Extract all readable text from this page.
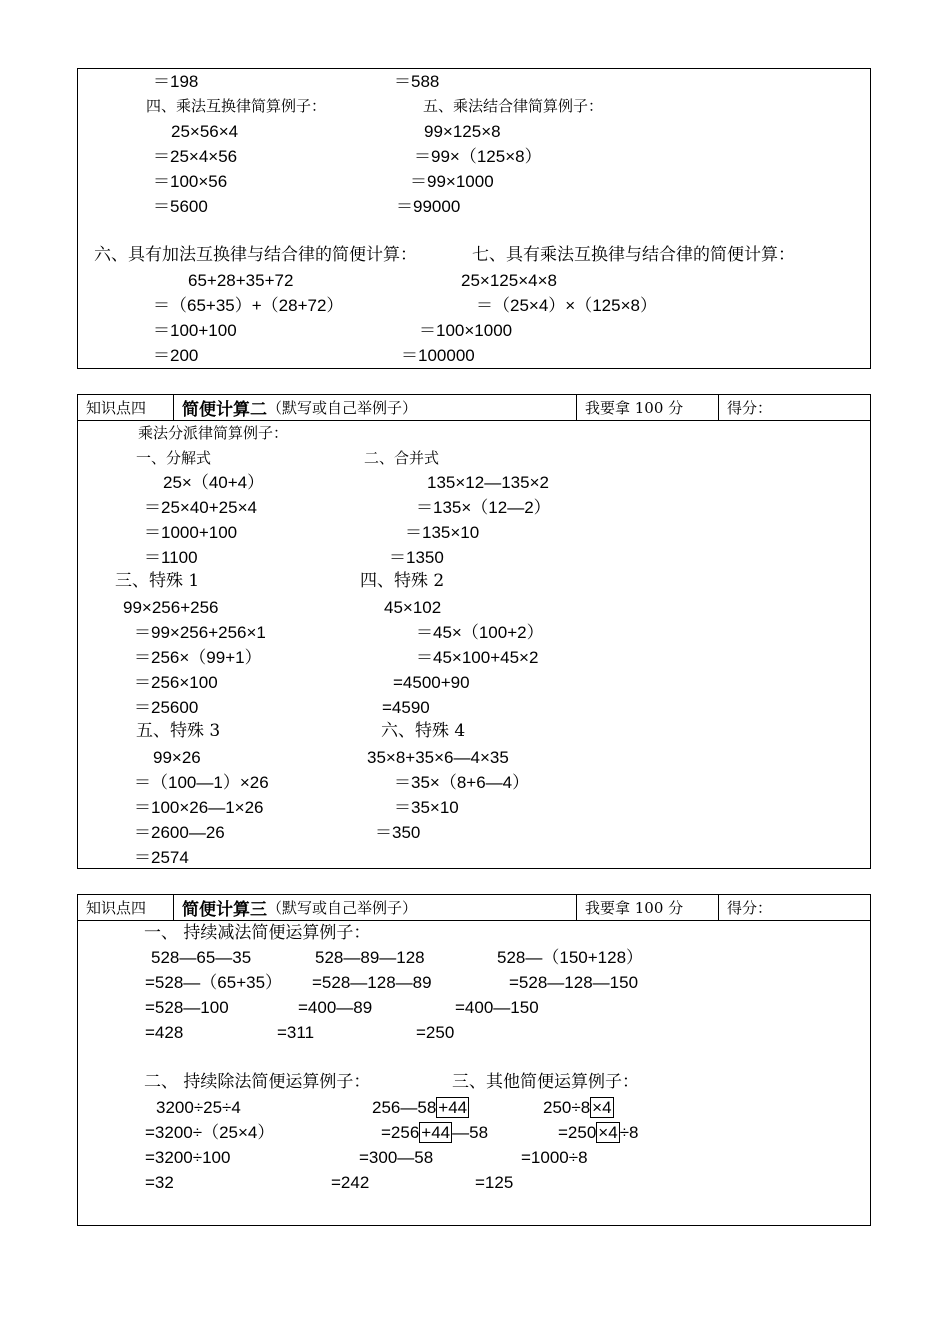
＝198	＝588
四、乘法互换律简算例子：	五、乘法结合律简算例子：
25×56×4	99×125×8
＝25×4×56	＝99×（125×8）
＝100×56	＝99×1000
＝5600	＝99000
六、具有加法互换律与结合律的简便计算：	七、具有乘法互换律与结合律的简便计算：
65+28+35+72	25×125×4×8
＝（65+35）+（28+72）	＝（25×4）×（125×8）
＝100+100	＝100×1000
＝200	＝100000
知识点四	简便计算二 （默写或自己举例子）	我要拿 100 分	得分：
乘法分派律简算例子：
一、分解式	二、合并式
25×（40+4）	135×12—135×2
＝25×40+25×4	＝135×（12—2）
＝1000+100	＝135×10
＝1100	＝1350
三、特殊 1	四、特殊 2
99×256+256	45×102
＝99×256+256×1	＝45×（100+2）
＝256×（99+1）	＝45×100+45×2
＝256×100	=4500+90
＝25600	=4590
五、特殊 3	六、特殊 4
99×26	35×8+35×6—4×35
＝（100—1）×26	＝35×（8+6—4）
＝100×26—1×26	＝35×10
＝2600—26	＝350
＝2574
知识点四	简便计算三 （默写或自己举例子）	我要拿 100 分	得分：
一、 持续减法简便运算例子：
528—65—35	528—89—128	528—（150+128）
=528—（65+35） =528—128—89	=528—128—150
=528—100	=400—89	=400—150
=428	=311	=250
二、 持续除法简便运算例子：	三、其他简便运算例子：
3200÷25÷4	256—58 +44	250÷8 ×4
=3200÷（25×4）	=256 +44 —58	=250 ×4 ÷8
=3200÷100	=300—58	=1000÷8
=32	=242	=125
